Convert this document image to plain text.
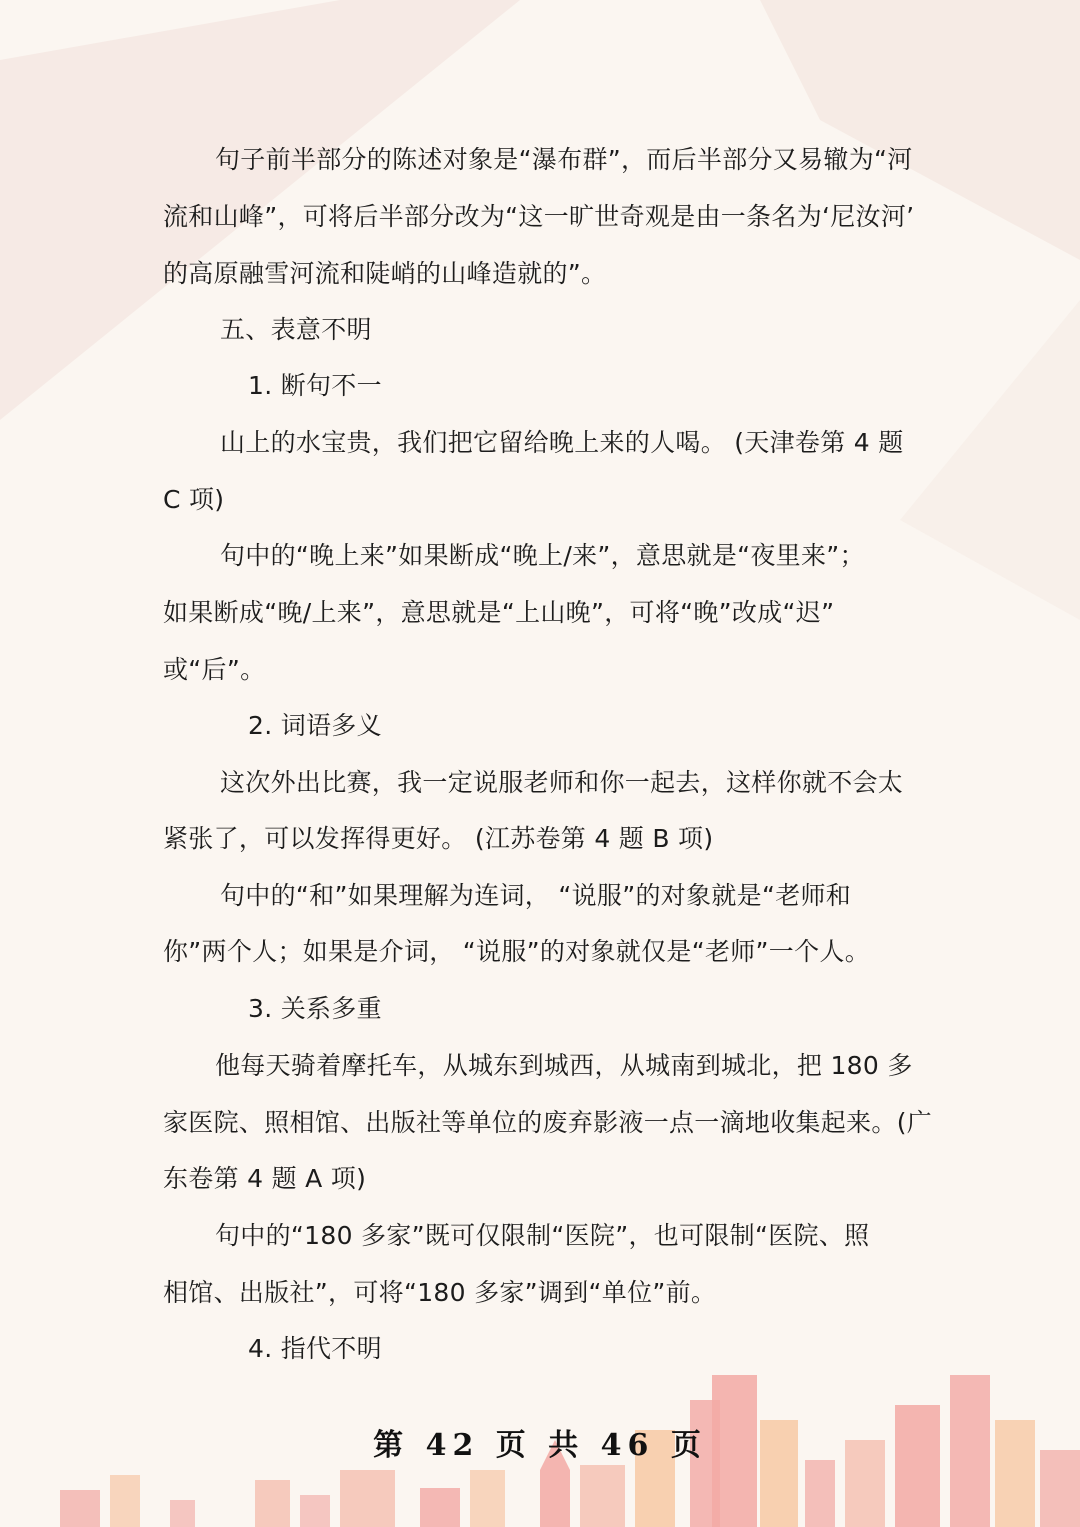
句子前半部分的陈述对象是“瀑布群”，而后半部分又易辙为“河

流和山峰”，可将后半部分改为“这一旷世奇观是由一条名为‘尼汝河’

的高原融雪河流和陡峭的山峰造就的”。

五、表意不明

1. 断句不一

山上的水宝贵，我们把它留给晚上来的人喝。 (天津卷第 4 题

C 项)

句中的“晚上来”如果断成“晚上/来”，意思就是“夜里来”；

如果断成“晚/上来”，意思就是“上山晚”，可将“晚”改成“迟”

或“后”。

2. 词语多义

这次外出比赛，我一定说服老师和你一起去，这样你就不会太

紧张了，可以发挥得更好。 (江苏卷第 4 题 B 项)

句中的“和”如果理解为连词， “说服”的对象就是“老师和

你”两个人；如果是介词， “说服”的对象就仅是“老师”一个人。

3. 关系多重

他每天骑着摩托车，从城东到城西，从城南到城北，把 180 多

家医院、照相馆、出版社等单位的废弃影液一点一滴地收集起来。(广

东卷第 4 题 A 项)

句中的“180 多家”既可仅限制“医院”，也可限制“医院、照

相馆、出版社”，可将“180 多家”调到“单位”前。

4. 指代不明

第 42 页 共 46 页
